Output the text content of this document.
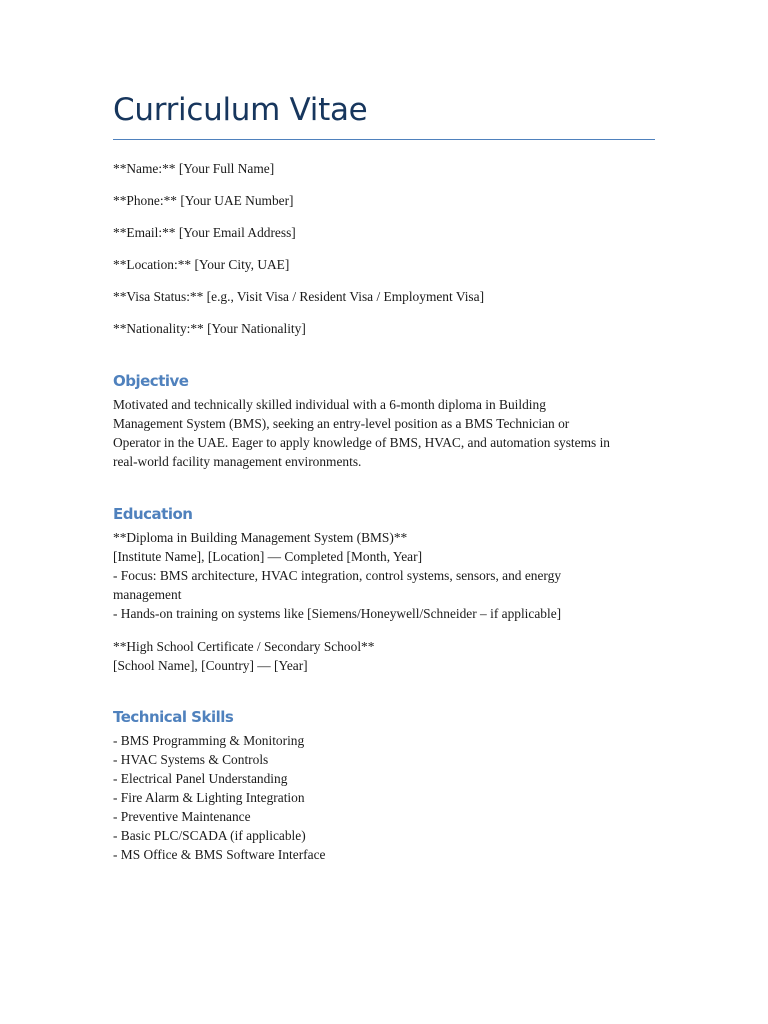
Curriculum Vitae

**Name:** [Your Full Name]

**Phone:** [Your UAE Number]

**Email:** [Your Email Address]

**Location:** [Your City, UAE]

**Visa Status:** [e.g., Visit Visa / Resident Visa / Employment Visa]

**Nationality:** [Your Nationality]

Objective
Motivated and technically skilled individual with a 6-month diploma in Building
Management System (BMS), seeking an entry-level position as a BMS Technician or
Operator in the UAE. Eager to apply knowledge of BMS, HVAC, and automation systems in
real-world facility management environments.
Education
**Diploma in Building Management System (BMS)**
[Institute Name], [Location] — Completed [Month, Year]
- Focus: BMS architecture, HVAC integration, control systems, sensors, and energy
management
- Hands-on training on systems like [Siemens/Honeywell/Schneider – if applicable]
**High School Certificate / Secondary School**
[School Name], [Country] — [Year]
Technical Skills
- BMS Programming & Monitoring
- HVAC Systems & Controls
- Electrical Panel Understanding
- Fire Alarm & Lighting Integration
- Preventive Maintenance
- Basic PLC/SCADA (if applicable)
- MS Office & BMS Software Interface
